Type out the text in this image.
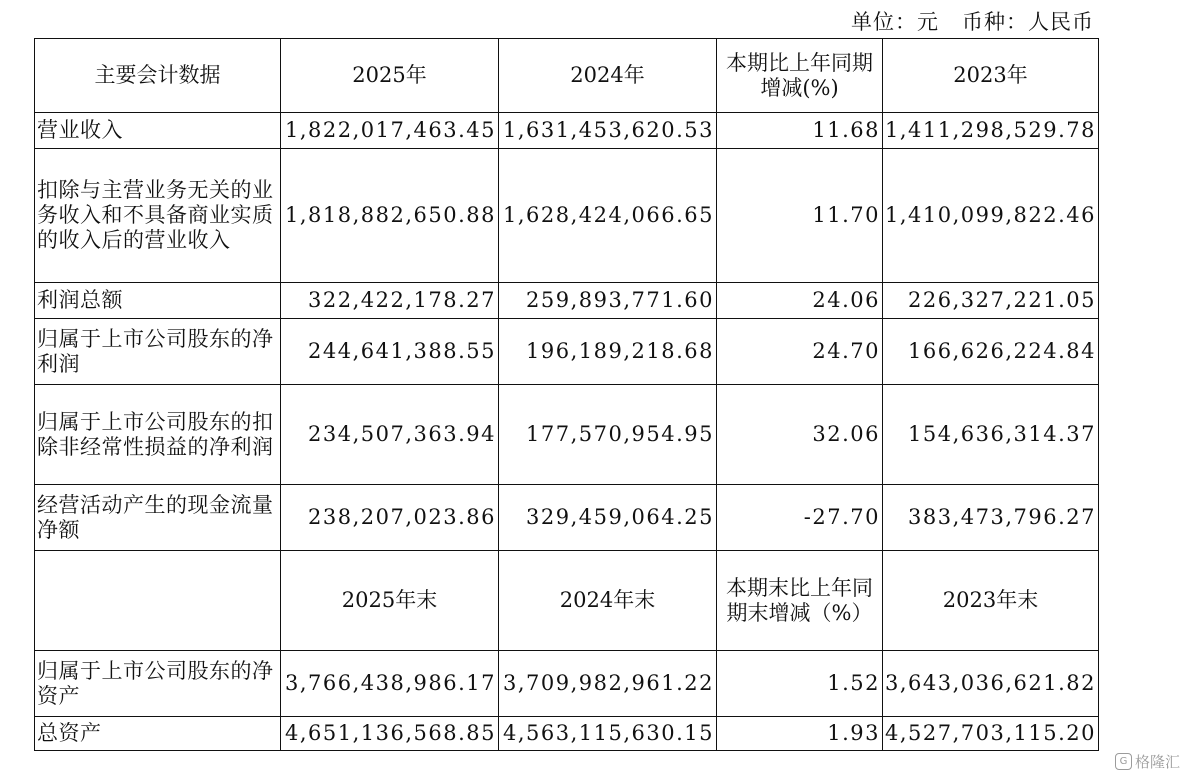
单位：元   币种：人民币
主要会计数据	2025年	2024年	本期比上年同期增减(%)	2023年
营业收入	1,822,017,463.45	1,631,453,620.53	11.68	1,411,298,529.78
扣除与主营业务无关的业务收入和不具备商业实质的收入后的营业收入	1,818,882,650.88	1,628,424,066.65	11.70	1,410,099,822.46
利润总额	322,422,178.27	259,893,771.60	24.06	226,327,221.05
归属于上市公司股东的净利润	244,641,388.55	196,189,218.68	24.70	166,626,224.84
归属于上市公司股东的扣除非经常性损益的净利润	234,507,363.94	177,570,954.95	32.06	154,636,314.37
经营活动产生的现金流量净额	238,207,023.86	329,459,064.25	-27.70	383,473,796.27
	2025年末	2024年末	本期末比上年同期末增减（%）	2023年末
归属于上市公司股东的净资产	3,766,438,986.17	3,709,982,961.22	1.52	3,643,036,621.82
总资产	4,651,136,568.85	4,563,115,630.15	1.93	4,527,703,115.20
G 格隆汇
